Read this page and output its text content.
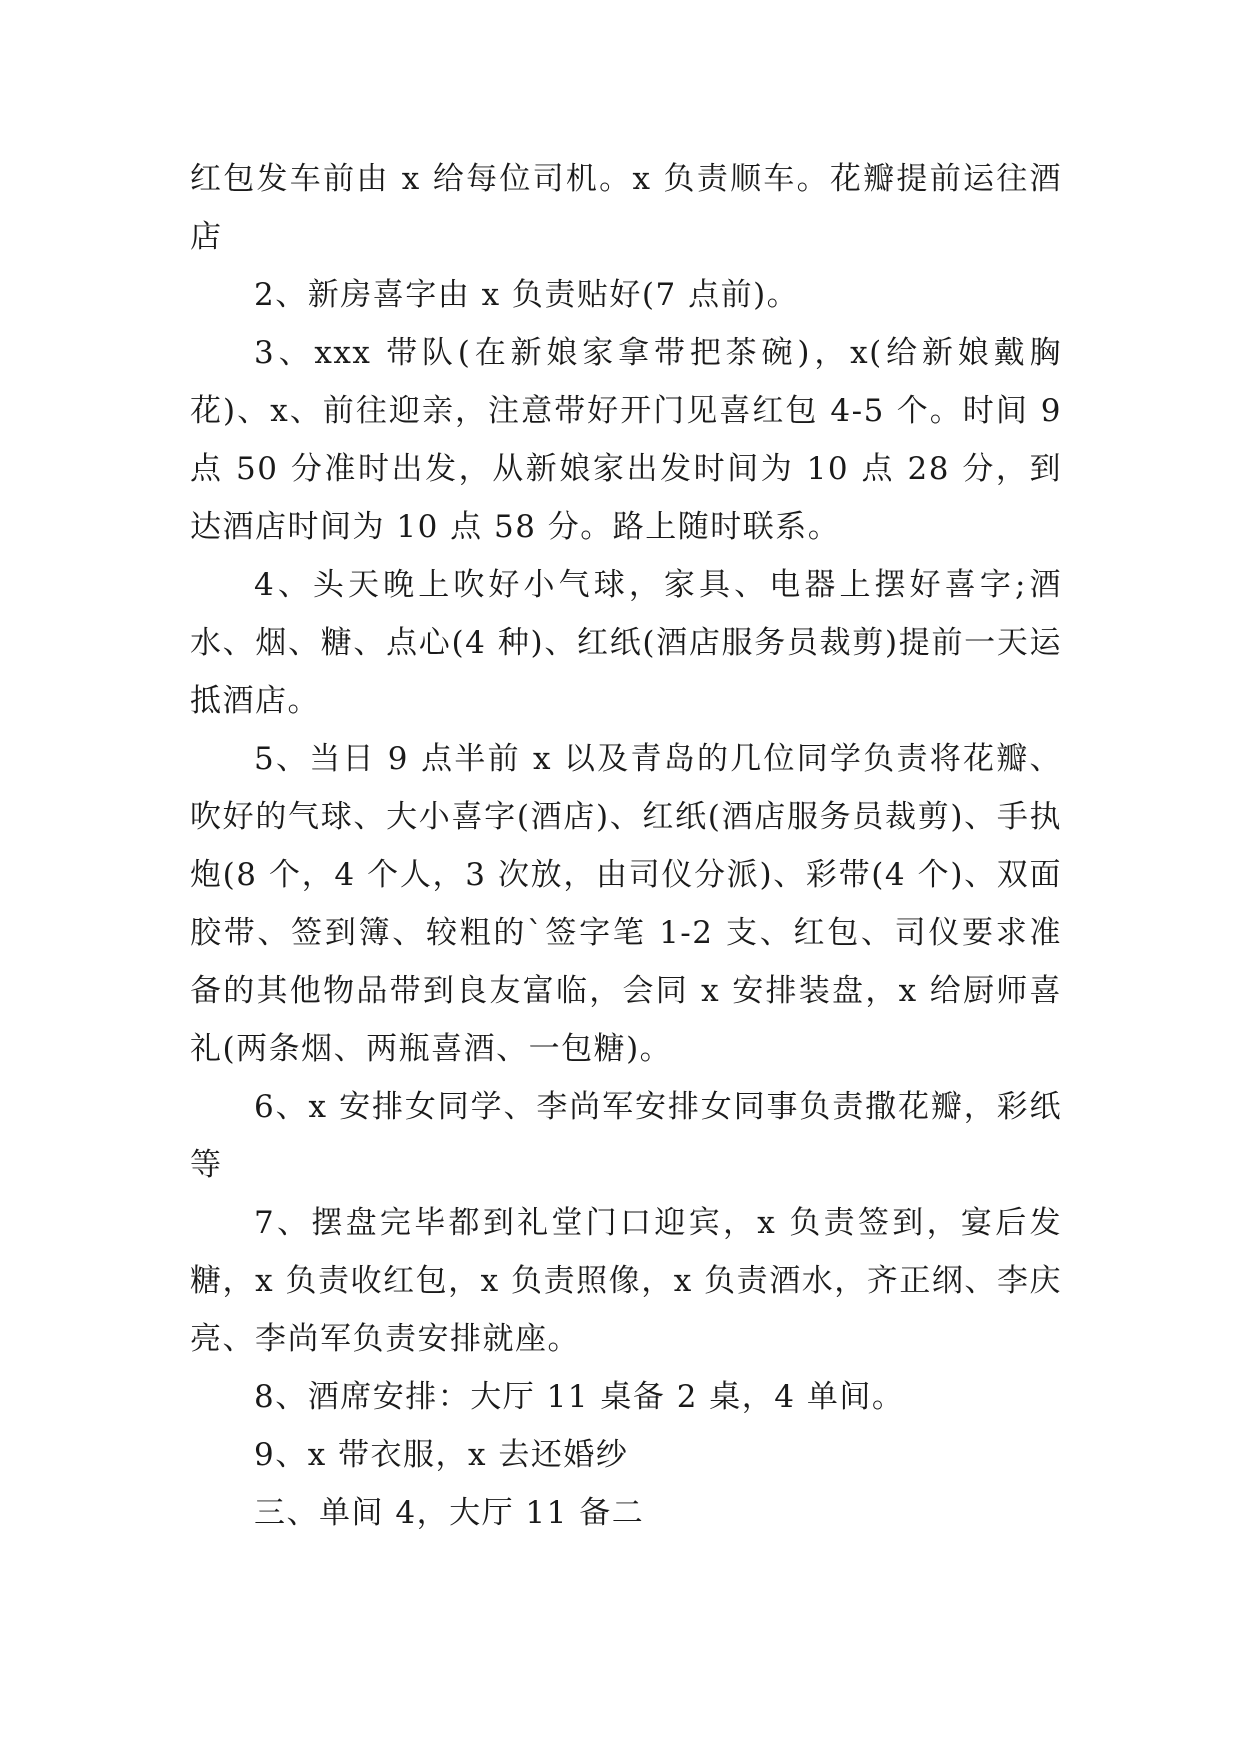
红包发车前由 x 给每位司机。x 负责顺车。花瓣提前运往酒店

2、新房喜字由 x 负责贴好(7 点前)。

3、xxx 带队(在新娘家拿带把茶碗)，x(给新娘戴胸花)、x、前往迎亲，注意带好开门见喜红包 4-5 个。时间 9 点 50 分准时出发，从新娘家出发时间为 10 点 28 分，到达酒店时间为 10 点 58 分。路上随时联系。

4、头天晚上吹好小气球，家具、电器上摆好喜字;酒水、烟、糖、点心(4 种)、红纸(酒店服务员裁剪)提前一天运抵酒店。

5、当日 9 点半前 x 以及青岛的几位同学负责将花瓣、吹好的气球、大小喜字(酒店)、红纸(酒店服务员裁剪)、手执炮(8 个，4 个人，3 次放，由司仪分派)、彩带(4 个)、双面胶带、签到簿、较粗的`签字笔 1-2 支、红包、司仪要求准备的其他物品带到良友富临，会同 x 安排装盘，x 给厨师喜礼(两条烟、两瓶喜酒、一包糖)。

6、x 安排女同学、李尚军安排女同事负责撒花瓣，彩纸等

7、摆盘完毕都到礼堂门口迎宾，x 负责签到，宴后发糖，x 负责收红包，x 负责照像，x 负责酒水，齐正纲、李庆亮、李尚军负责安排就座。

8、酒席安排：大厅 11 桌备 2 桌，4 单间。

9、x 带衣服，x 去还婚纱

三、单间 4，大厅 11 备二
